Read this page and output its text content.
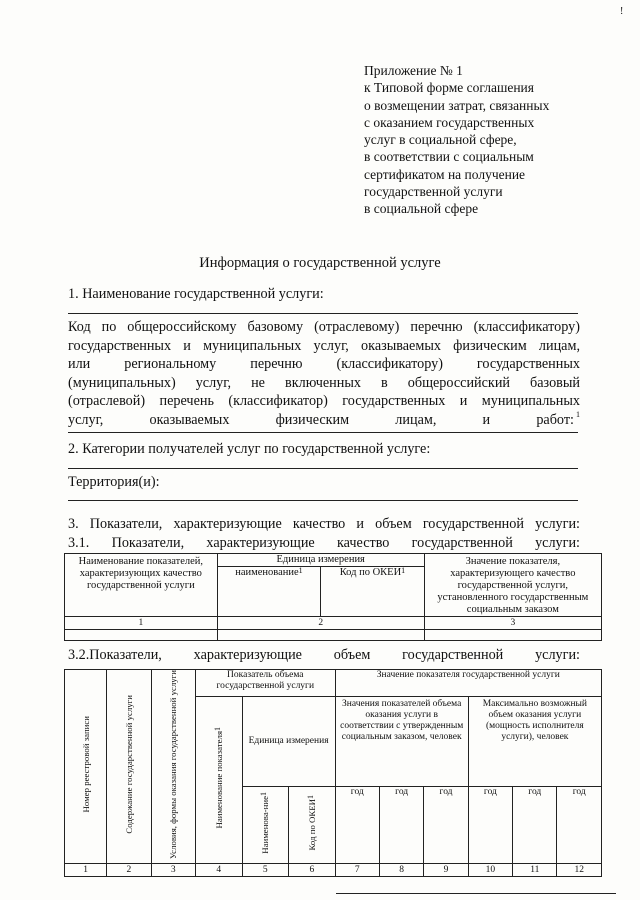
!
Приложение № 1
к Типовой форме соглашения
о возмещении затрат, связанных
с оказанием государственных
услуг в социальной сфере,
в соответствии с социальным
сертификатом на получение
государственной услуги
в социальной сфере
Информация о государственной услуге
1. Наименование государственной услуги:
Код по общероссийскому базовому (отраслевому) перечню (классификатору)
государственных и муниципальных услуг, оказываемых физическим лицам,
или региональному перечню (классификатору) государственных
(муниципальных) услуг, не включенных в общероссийский базовый
(отраслевой) перечень (классификатор) государственных и муниципальных
услуг, оказываемых физическим лицам, и работ: 1
2. Категории получателей услуг по государственной услуге:
Территория(и):
3. Показатели, характеризующие качество и объем государственной услуги:
3.1. Показатели, характеризующие качество государственной услуги:
Наименование показателей, характеризующих качество государственной услуги	Единица измерения		Значение показателя, характеризующего качество государственной услуги, установленного государственным социальным заказом
	наименование$^1$	Код по ОКЕИ$^1$
1	2		3

3.2.Показатели, характеризующие объем государственной услуги:
Номер реестровой записи	Содержание государственной услуги	Условия, формы оказания государственной услуги	Показатель объема государственной услуги			Значение показателя государственной услуги					
			Наименование показателя$^1$	Единица измерения		Значения показателей объема оказания услуги в соответствии с утвержденным социальным заказом, человек			Максимально возможный объем оказания услуги (мощность исполнителя услуги), человек		
				Наименова-ние$^1$	Код по ОКЕИ$^1$	год	год	год	год	год	год
1	2	3	4	5	6	7	8	9	10	11	12
